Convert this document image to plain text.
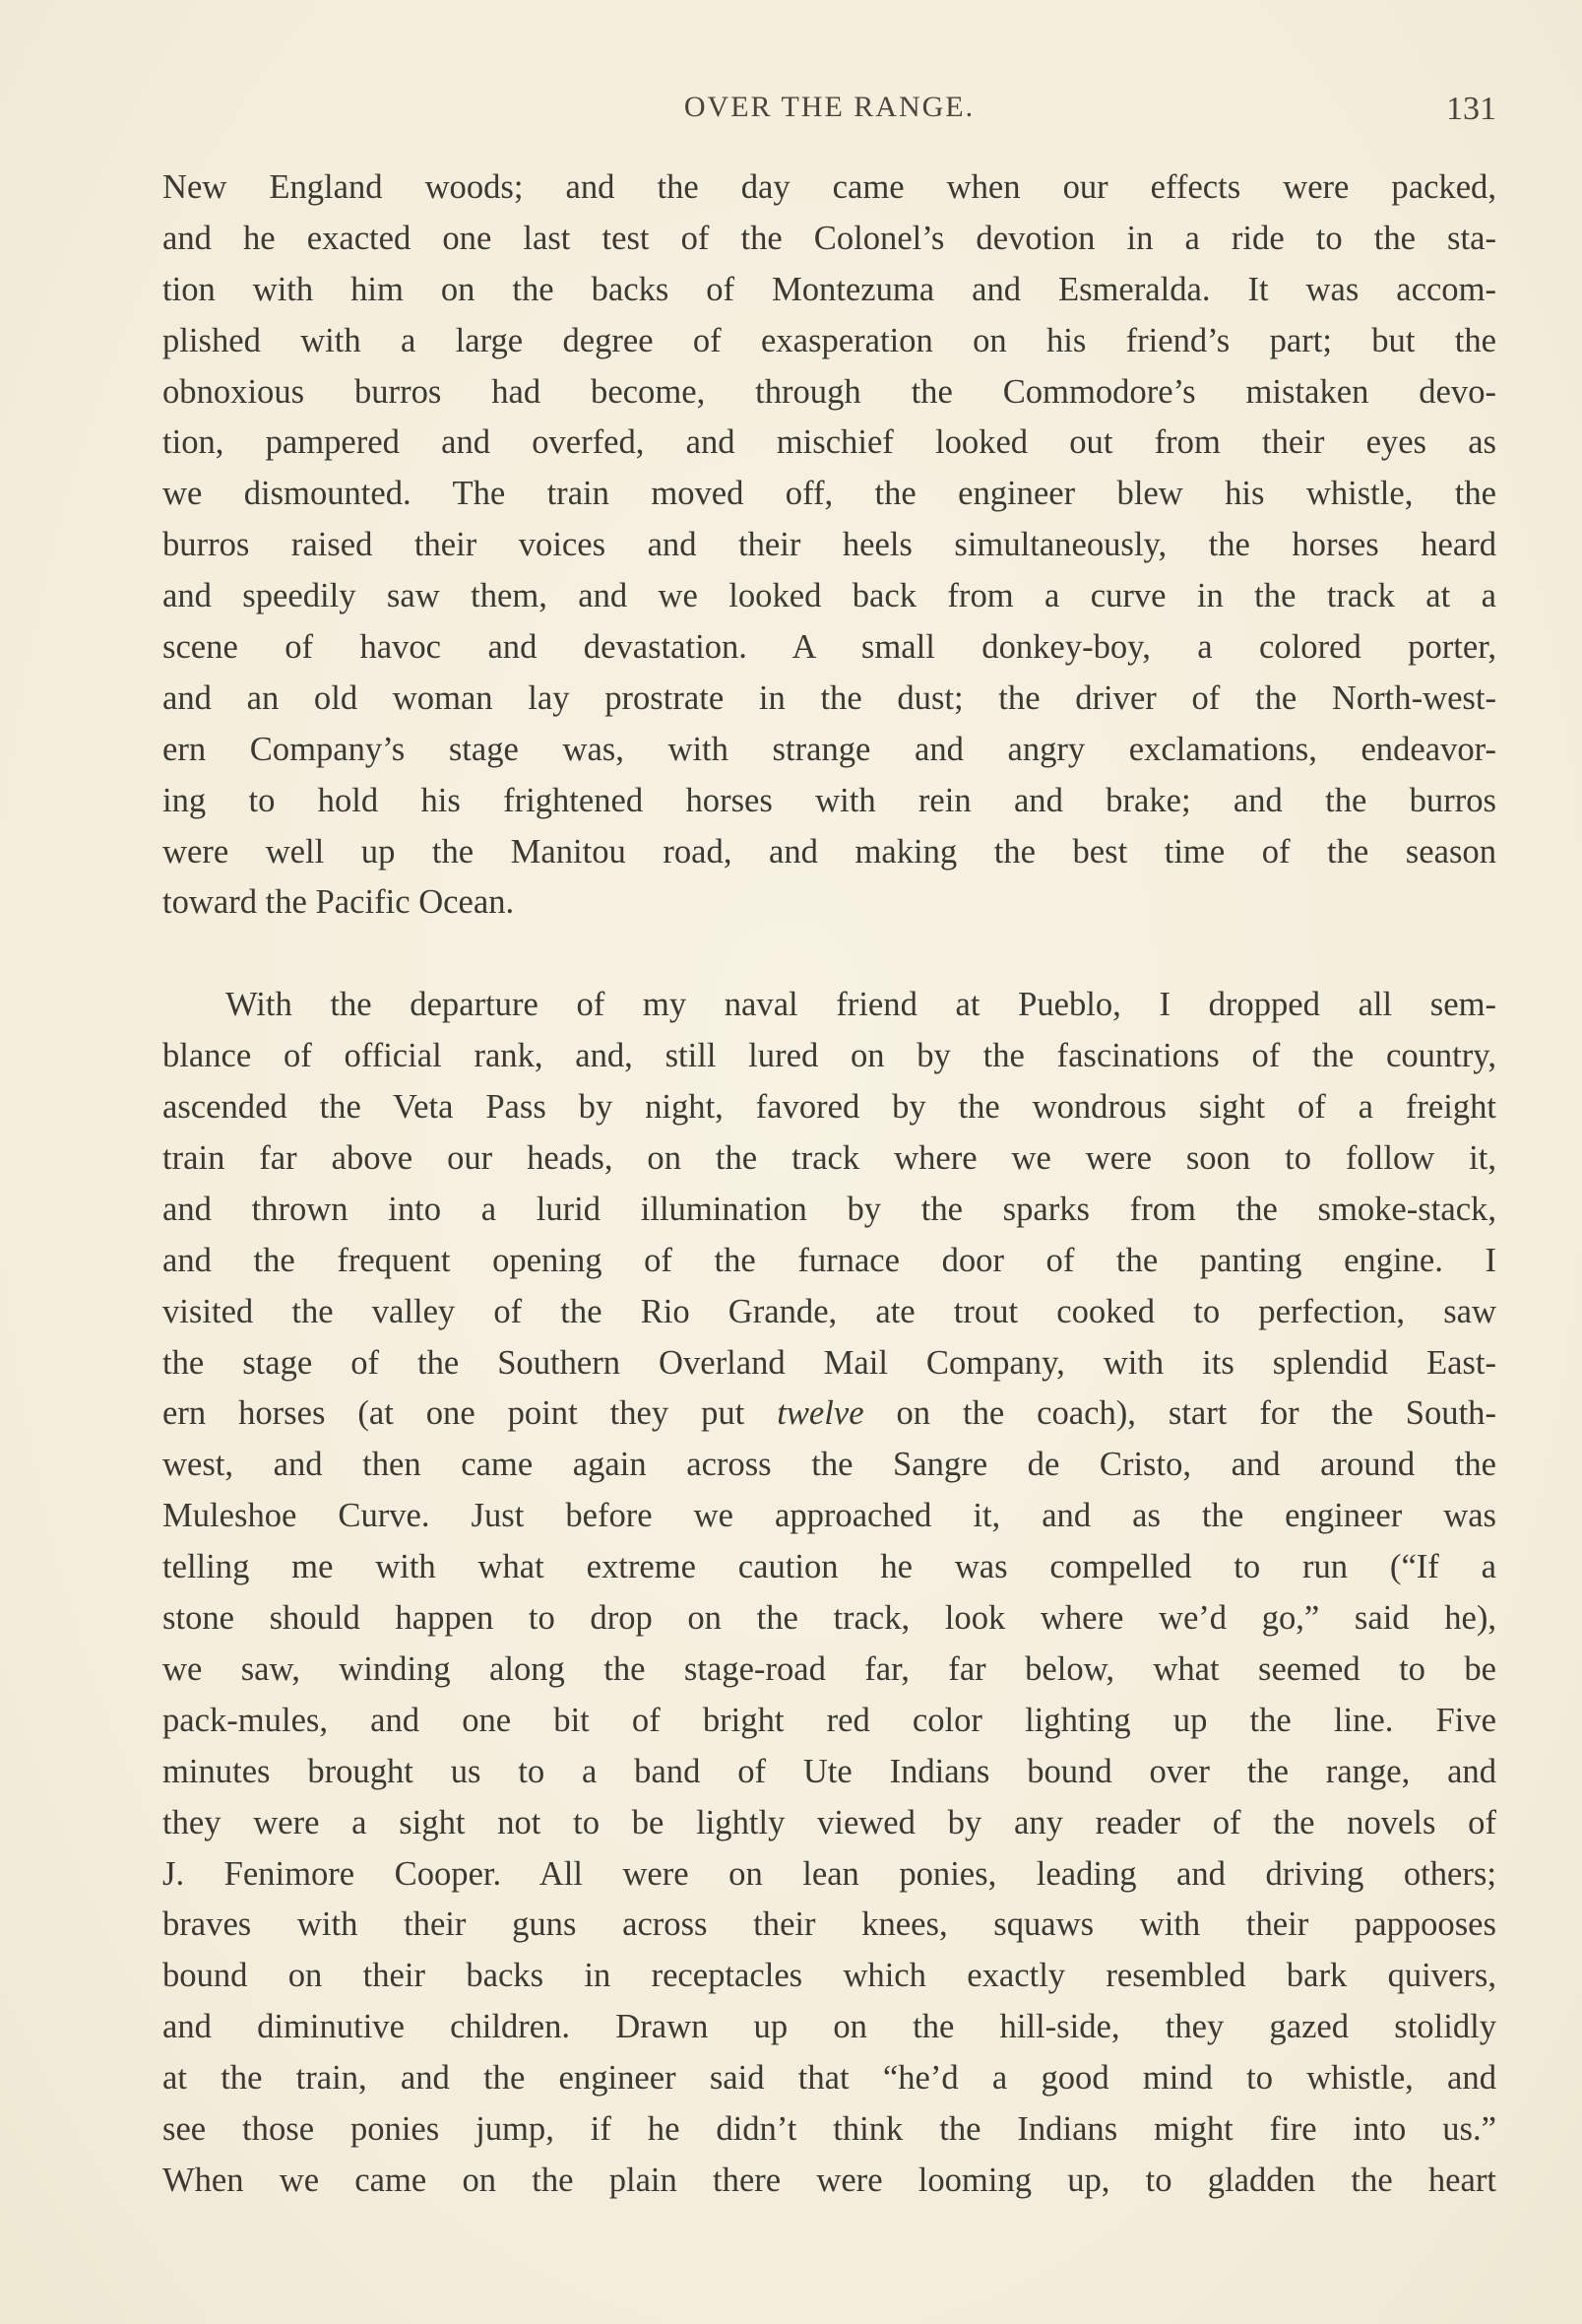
OVER THE RANGE.	131
New England woods; and the day came when our effects were packed,
and he exacted one last test of the Colonel’s devotion in a ride to the sta-
tion with him on the backs of Montezuma and Esmeralda. It was accom-
plished with a large degree of exasperation on his friend’s part; but the
obnoxious burros had become, through the Commodore’s mistaken devo-
tion, pampered and overfed, and mischief looked out from their eyes as
we dismounted. The train moved off, the engineer blew his whistle, the
burros raised their voices and their heels simultaneously, the horses heard
and speedily saw them, and we looked back from a curve in the track at a
scene of havoc and devastation. A small donkey-boy, a colored porter,
and an old woman lay prostrate in the dust; the driver of the North-west-
ern Company’s stage was, with strange and angry exclamations, endeavor-
ing to hold his frightened horses with rein and brake; and the burros
were well up the Manitou road, and making the best time of the season
toward the Pacific Ocean.
With the departure of my naval friend at Pueblo, I dropped all sem-
blance of official rank, and, still lured on by the fascinations of the country,
ascended the Veta Pass by night, favored by the wondrous sight of a freight
train far above our heads, on the track where we were soon to follow it,
and thrown into a lurid illumination by the sparks from the smoke-stack,
and the frequent opening of the furnace door of the panting engine. I
visited the valley of the Rio Grande, ate trout cooked to perfection, saw
the stage of the Southern Overland Mail Company, with its splendid East-
ern horses (at one point they put twelve on the coach), start for the South-
west, and then came again across the Sangre de Cristo, and around the
Muleshoe Curve. Just before we approached it, and as the engineer was
telling me with what extreme caution he was compelled to run (“If a
stone should happen to drop on the track, look where we’d go,” said he),
we saw, winding along the stage-road far, far below, what seemed to be
pack-mules, and one bit of bright red color lighting up the line. Five
minutes brought us to a band of Ute Indians bound over the range, and
they were a sight not to be lightly viewed by any reader of the novels of
J. Fenimore Cooper. All were on lean ponies, leading and driving others;
braves with their guns across their knees, squaws with their pappooses
bound on their backs in receptacles which exactly resembled bark quivers,
and diminutive children. Drawn up on the hill-side, they gazed stolidly
at the train, and the engineer said that “he’d a good mind to whistle, and
see those ponies jump, if he didn’t think the Indians might fire into us.”
When we came on the plain there were looming up, to gladden the heart
